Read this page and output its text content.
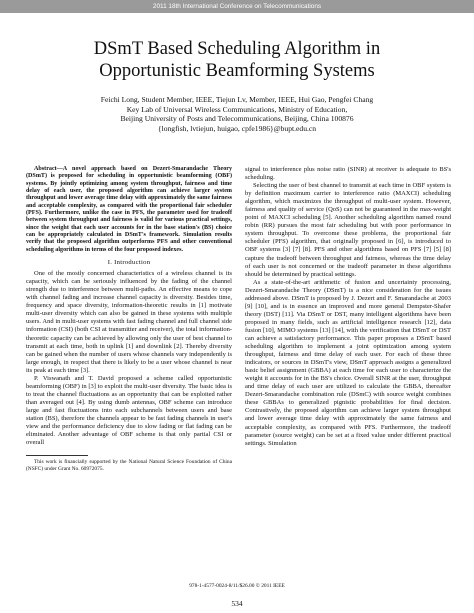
2011 18th International Conference on Telecommunications
DSmT Based Scheduling Algorithm in
Opportunistic Beamforming Systems
Feichi Long, Student Member, IEEE, Tiejun Lv, Member, IEEE, Hui Gao, Pengfei Chang
Key Lab of Universal Wireless Communications, Ministry of Education,
Beijing University of Posts and Telecommunications, Beijing, China 100876
{longfish, lvtiejun, huigao, cpfe1986}@bupt.edu.cn

Abstract—A novel approach based on Dezert-Smarandache Theory (DSmT) is proposed for scheduling in opportunistic beamforming (OBF) systems. By jointly optimizing among system throughput, fairness and time delay of each user, the proposed algorithm can achieve larger system throughput and lower average time delay with approximately the same fairness and acceptable complexity, as compared with the proportional fair scheduler (PFS). Furthermore, unlike the case in PFS, the parameter used for tradeoff between system throughput and fairness is valid for various practical settings, since the weight that each user accounts for in the base station's (BS) choice can be appropriately calculated in DSmT's framework. Simulation results verify that the proposed algorithm outperforms PFS and other conventional scheduling algorithms in terms of the four proposed indexes.

I. Introduction

One of the mostly concerned characteristics of a wireless channel is its capacity, which can be seriously influenced by the fading of the channel strength due to interference between multi-paths. An effective means to cope with channel fading and increase channel capacity is diversity. Besides time, frequency and space diversity, information-theoretic results in [1] motivate multi-user diversity which can also be gained in these systems with multiple users. And in multi-user systems with fast fading channel and full channel side information (CSI) (both CSI at transmitter and receiver), the total information-theoretic capacity can be achieved by allowing only the user of best channel to transmit at each time, both in uplink [1] and downlink [2]. Thereby diversity can be gained when the number of users whose channels vary independently is large enough, in respect that there is likely to be a user whose channel is near its peak at each time [3].

P. Viswanath and T. David proposed a scheme called opportunistic beamforming (OBF) in [3] to exploit the multi-user diversity. The basic idea is to treat the channel fluctuations as an opportunity that can be exploited rather than averaged out [4]. By using dumb antennas, OBF scheme can introduce large and fast fluctuations into each subchannels between users and base station (BS), therefore the channels appear to be fast fading channels in user's view and the performance deficiency due to slow fading or flat fading can be eliminated. Another advantage of OBF scheme is that only partial CSI or overall

This work is financially supported by the National Natural Science Foundation of China (NSFC) under Grant No. 60972075.

signal to interference plus noise ratio (SINR) at receiver is adequate to BS's scheduling.

Selecting the user of best channel to transmit at each time in OBF system is by definition maximum carrier to interference ratio (MAXCI) scheduling algorithm, which maximizes the throughput of multi-user system. However, fairness and quality of service (QoS) can not be guaranteed in the max-weight point of MAXCI scheduling [5]. Another scheduling algorithm named round robin (RR) pursues the most fair scheduling but with poor performance in system throughput. To overcome these problems, the proportional fair scheduler (PFS) algorithm, that originally proposed in [6], is introduced to OBF systems [3] [7] [8]. PFS and other algorithms based on PFS [7] [5] [8] capture the tradeoff between throughput and fairness, whereas the time delay of each user is not concerned or the tradeoff parameter in these algorithms should be determined by practical settings.

As a state-of-the-art arithmetic of fusion and uncertainty processing, Dezert-Smarandache Theory (DSmT) is a nice consideration for the issues addressed above. DSmT is proposed by J. Dezert and F. Smarandache at 2003 [9] [10], and is in essence an improved and more general Dempster-Shafer theory (DST) [11]. Via DSmT or DST, many intelligent algorithms have been proposed in many fields, such as artificial intelligence research [12], data fusion [10], MIMO systems [13] [14], with the verification that DSmT or DST can achieve a satisfactory performance. This paper proposes a DSmT based scheduling algorithm to implement a joint optimization among system throughput, fairness and time delay of each user. For each of these three indicators, or sources in DSmT's view, DSmT approach assigns a generalized basic belief assignment (GBBA) at each time for each user to characterize the weight it accounts for in the BS's choice. Overall SINR at the user, throughput and time delay of each user are utilized to calculate the GBBA, thereafter Dezert-Smarandache combination rule (DSmC) with source weight combines these GBBAs to generalized pignistic probabilities for final decision. Contrastively, the proposed algorithm can achieve larger system throughput and lower average time delay with approximately the same fairness and acceptable complexity, as compared with PFS. Furthermore, the tradeoff parameter (source weight) can be set at a fixed value under different practical settings. Simulation

978-1-4577-0024-8/11/$26.00 © 2011 IEEE
534
